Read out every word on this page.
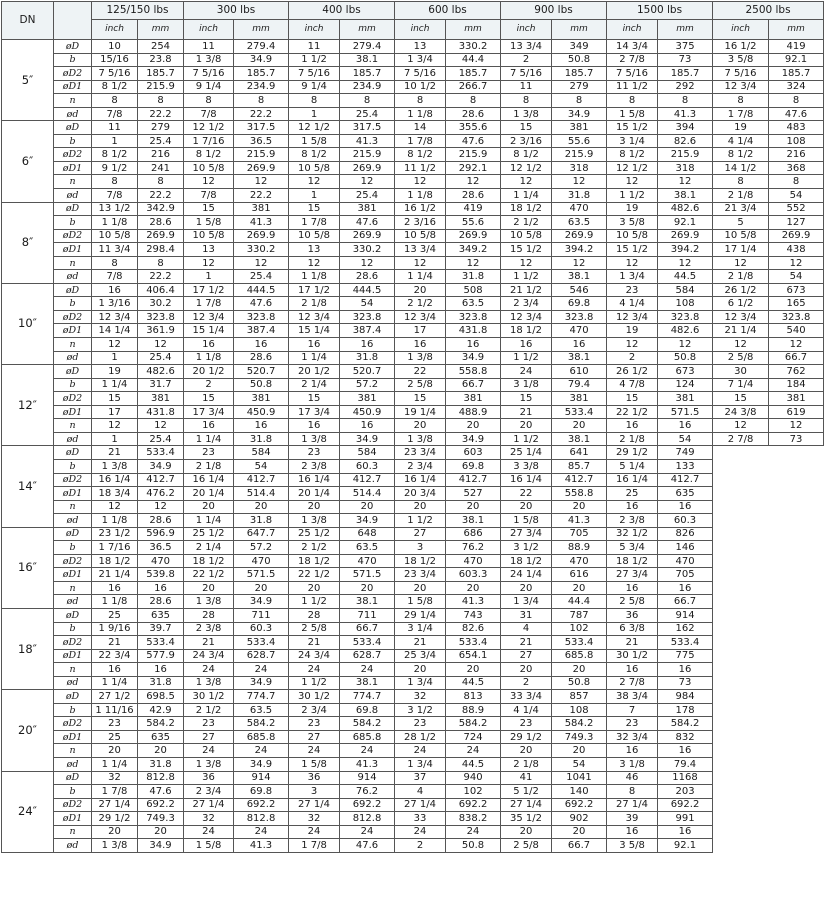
DN		125/150 lbs		300 lbs		400 lbs		600 lbs		900 lbs		1500 lbs		2500 lbs	
		inch	mm	inch	mm	inch	mm	inch	mm	inch	mm	inch	mm	inch	mm
5″	øD	10	254	11	279.4	11	279.4	13	330.2	13 3/4	349	14 3/4	375	16 1/2	419
	b	15/16	23.8	1 3/8	34.9	1 1/2	38.1	1 3/4	44.4	2	50.8	2 7/8	73	3 5/8	92.1
	øD2	7 5/16	185.7	7 5/16	185.7	7 5/16	185.7	7 5/16	185.7	7 5/16	185.7	7 5/16	185.7	7 5/16	185.7
	øD1	8 1/2	215.9	9 1/4	234.9	9 1/4	234.9	10 1/2	266.7	11	279	11 1/2	292	12 3/4	324
	n	8	8	8	8	8	8	8	8	8	8	8	8	8	8
	ød	7/8	22.2	7/8	22.2	1	25.4	1 1/8	28.6	1 3/8	34.9	1 5/8	41.3	1 7/8	47.6
6″	øD	11	279	12 1/2	317.5	12 1/2	317.5	14	355.6	15	381	15 1/2	394	19	483
	b	1	25.4	1 7/16	36.5	1 5/8	41.3	1 7/8	47.6	2 3/16	55.6	3 1/4	82.6	4 1/4	108
	øD2	8 1/2	216	8 1/2	215.9	8 1/2	215.9	8 1/2	215.9	8 1/2	215.9	8 1/2	215.9	8 1/2	216
	øD1	9 1/2	241	10 5/8	269.9	10 5/8	269.9	11 1/2	292.1	12 1/2	318	12 1/2	318	14 1/2	368
	n	8	8	12	12	12	12	12	12	12	12	12	12	8	8
	ød	7/8	22.2	7/8	22.2	1	25.4	1 1/8	28.6	1 1/4	31.8	1 1/2	38.1	2 1/8	54
8″	øD	13 1/2	342.9	15	381	15	381	16 1/2	419	18 1/2	470	19	482.6	21 3/4	552
	b	1 1/8	28.6	1 5/8	41.3	1 7/8	47.6	2 3/16	55.6	2 1/2	63.5	3 5/8	92.1	5	127
	øD2	10 5/8	269.9	10 5/8	269.9	10 5/8	269.9	10 5/8	269.9	10 5/8	269.9	10 5/8	269.9	10 5/8	269.9
	øD1	11 3/4	298.4	13	330.2	13	330.2	13 3/4	349.2	15 1/2	394.2	15 1/2	394.2	17 1/4	438
	n	8	8	12	12	12	12	12	12	12	12	12	12	12	12
	ød	7/8	22.2	1	25.4	1 1/8	28.6	1 1/4	31.8	1 1/2	38.1	1 3/4	44.5	2 1/8	54
10″	øD	16	406.4	17 1/2	444.5	17 1/2	444.5	20	508	21 1/2	546	23	584	26 1/2	673
	b	1 3/16	30.2	1 7/8	47.6	2 1/8	54	2 1/2	63.5	2 3/4	69.8	4 1/4	108	6 1/2	165
	øD2	12 3/4	323.8	12 3/4	323.8	12 3/4	323.8	12 3/4	323.8	12 3/4	323.8	12 3/4	323.8	12 3/4	323.8
	øD1	14 1/4	361.9	15 1/4	387.4	15 1/4	387.4	17	431.8	18 1/2	470	19	482.6	21 1/4	540
	n	12	12	16	16	16	16	16	16	16	16	12	12	12	12
	ød	1	25.4	1 1/8	28.6	1 1/4	31.8	1 3/8	34.9	1 1/2	38.1	2	50.8	2 5/8	66.7
12″	øD	19	482.6	20 1/2	520.7	20 1/2	520.7	22	558.8	24	610	26 1/2	673	30	762
	b	1 1/4	31.7	2	50.8	2 1/4	57.2	2 5/8	66.7	3 1/8	79.4	4 7/8	124	7 1/4	184
	øD2	15	381	15	381	15	381	15	381	15	381	15	381	15	381
	øD1	17	431.8	17 3/4	450.9	17 3/4	450.9	19 1/4	488.9	21	533.4	22 1/2	571.5	24 3/8	619
	n	12	12	16	16	16	16	20	20	20	20	16	16	12	12
	ød	1	25.4	1 1/4	31.8	1 3/8	34.9	1 3/8	34.9	1 1/2	38.1	2 1/8	54	2 7/8	73
14″	øD	21	533.4	23	584	23	584	23 3/4	603	25 1/4	641	29 1/2	749		
	b	1 3/8	34.9	2 1/8	54	2 3/8	60.3	2 3/4	69.8	3 3/8	85.7	5 1/4	133		
	øD2	16 1/4	412.7	16 1/4	412.7	16 1/4	412.7	16 1/4	412.7	16 1/4	412.7	16 1/4	412.7		
	øD1	18 3/4	476.2	20 1/4	514.4	20 1/4	514.4	20 3/4	527	22	558.8	25	635		
	n	12	12	20	20	20	20	20	20	20	20	16	16		
	ød	1 1/8	28.6	1 1/4	31.8	1 3/8	34.9	1 1/2	38.1	1 5/8	41.3	2 3/8	60.3		
16″	øD	23 1/2	596.9	25 1/2	647.7	25 1/2	648	27	686	27 3/4	705	32 1/2	826		
	b	1 7/16	36.5	2 1/4	57.2	2 1/2	63.5	3	76.2	3 1/2	88.9	5 3/4	146		
	øD2	18 1/2	470	18 1/2	470	18 1/2	470	18 1/2	470	18 1/2	470	18 1/2	470		
	øD1	21 1/4	539.8	22 1/2	571.5	22 1/2	571.5	23 3/4	603.3	24 1/4	616	27 3/4	705		
	n	16	16	20	20	20	20	20	20	20	20	16	16		
	ød	1 1/8	28.6	1 3/8	34.9	1 1/2	38.1	1 5/8	41.3	1 3/4	44.4	2 5/8	66.7		
18″	øD	25	635	28	711	28	711	29 1/4	743	31	787	36	914		
	b	1 9/16	39.7	2 3/8	60.3	2 5/8	66.7	3 1/4	82.6	4	102	6 3/8	162		
	øD2	21	533.4	21	533.4	21	533.4	21	533.4	21	533.4	21	533.4		
	øD1	22 3/4	577.9	24 3/4	628.7	24 3/4	628.7	25 3/4	654.1	27	685.8	30 1/2	775		
	n	16	16	24	24	24	24	20	20	20	20	16	16		
	ød	1 1/4	31.8	1 3/8	34.9	1 1/2	38.1	1 3/4	44.5	2	50.8	2 7/8	73		
20″	øD	27 1/2	698.5	30 1/2	774.7	30 1/2	774.7	32	813	33 3/4	857	38 3/4	984		
	b	1 11/16	42.9	2 1/2	63.5	2 3/4	69.8	3 1/2	88.9	4 1/4	108	7	178		
	øD2	23	584.2	23	584.2	23	584.2	23	584.2	23	584.2	23	584.2		
	øD1	25	635	27	685.8	27	685.8	28 1/2	724	29 1/2	749.3	32 3/4	832		
	n	20	20	24	24	24	24	24	24	20	20	16	16		
	ød	1 1/4	31.8	1 3/8	34.9	1 5/8	41.3	1 3/4	44.5	2 1/8	54	3 1/8	79.4		
24″	øD	32	812.8	36	914	36	914	37	940	41	1041	46	1168		
	b	1 7/8	47.6	2 3/4	69.8	3	76.2	4	102	5 1/2	140	8	203		
	øD2	27 1/4	692.2	27 1/4	692.2	27 1/4	692.2	27 1/4	692.2	27 1/4	692.2	27 1/4	692.2		
	øD1	29 1/2	749.3	32	812.8	32	812.8	33	838.2	35 1/2	902	39	991		
	n	20	20	24	24	24	24	24	24	20	20	16	16		
	ød	1 3/8	34.9	1 5/8	41.3	1 7/8	47.6	2	50.8	2 5/8	66.7	3 5/8	92.1		
